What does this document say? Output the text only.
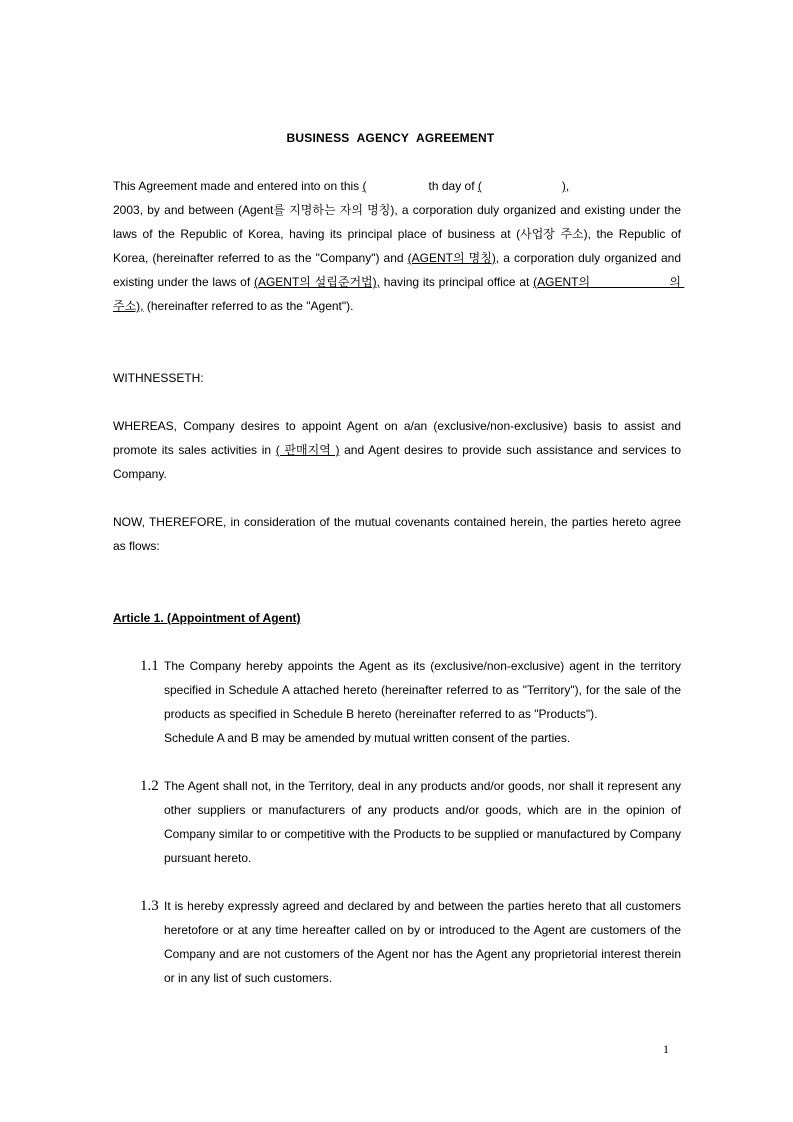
BUSINESS AGENCY AGREEMENT
This Agreement made and entered into on this (	th day of (	),
2003, by and between (Agent를 지명하는 자의 명칭), a corporation duly organized and existing under the laws of the Republic of Korea, having its principal place of business at (사업장 주소), the Republic of Korea, (hereinafter referred to as the "Company") and (AGENT의 명칭), a corporation duly organized and existing under the laws of (AGENT의 설립준거법), having its principal office at (AGENT의                     의 주소), (hereinafter referred to as the "Agent").
WITHNESSETH:
WHEREAS, Company desires to appoint Agent on a/an (exclusive/non-exclusive) basis to assist and promote its sales activities in ( 판매지역 ) and Agent desires to provide such assistance and services to Company.
NOW, THEREFORE, in consideration of the mutual covenants contained herein, the parties hereto agree as flows:
Article 1. (Appointment of Agent)
1.1 The Company hereby appoints the Agent as its (exclusive/non-exclusive) agent in the territory specified in Schedule A attached hereto (hereinafter referred to as "Territory"), for the sale of the products as specified in Schedule B hereto (hereinafter referred to as "Products").
Schedule A and B may be amended by mutual written consent of the parties.
1.2 The Agent shall not, in the Territory, deal in any products and/or goods, nor shall it represent any other suppliers or manufacturers of any products and/or goods, which are in the opinion of Company similar to or competitive with the Products to be supplied or manufactured by Company pursuant hereto.
1.3 It is hereby expressly agreed and declared by and between the parties hereto that all customers heretofore or at any time hereafter called on by or introduced to the Agent are customers of the Company and are not customers of the Agent nor has the Agent any proprietorial interest therein or in any list of such customers.
1
